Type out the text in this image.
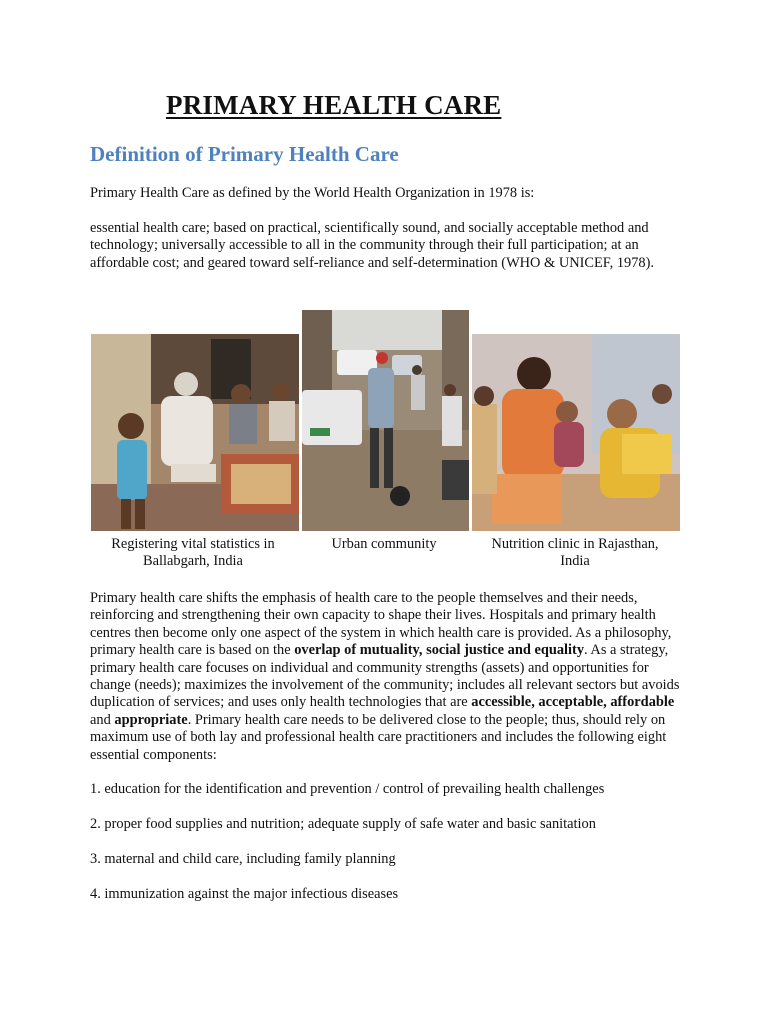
PRIMARY HEALTH CARE
Definition of Primary Health Care

Primary Health Care as defined by the World Health Organization in 1978 is:

essential health care; based on practical, scientifically sound, and socially acceptable method and technology; universally accessible to all in the community through their full participation; at an affordable cost; and geared toward self-reliance and self-determination (WHO & UNICEF, 1978).

Registering vital statistics in Ballabgarh, India
Urban community	Nutrition clinic in Rajasthan, India

Primary health care shifts the emphasis of health care to the people themselves and their needs, reinforcing and strengthening their own capacity to shape their lives. Hospitals and primary health centres then become only one aspect of the system in which health care is provided. As a philosophy, primary health care is based on the overlap of mutuality, social justice and equality. As a strategy, primary health care focuses on individual and community strengths (assets) and opportunities for change (needs); maximizes the involvement of the community; includes all relevant sectors but avoids duplication of services; and uses only health technologies that are accessible, acceptable, affordable and appropriate. Primary health care needs to be delivered close to the people; thus, should rely on maximum use of both lay and professional health care practitioners and includes the following eight essential components:

1. education for the identification and prevention / control of prevailing health challenges

2. proper food supplies and nutrition; adequate supply of safe water and basic sanitation

3. maternal and child care, including family planning

4. immunization against the major infectious diseases
